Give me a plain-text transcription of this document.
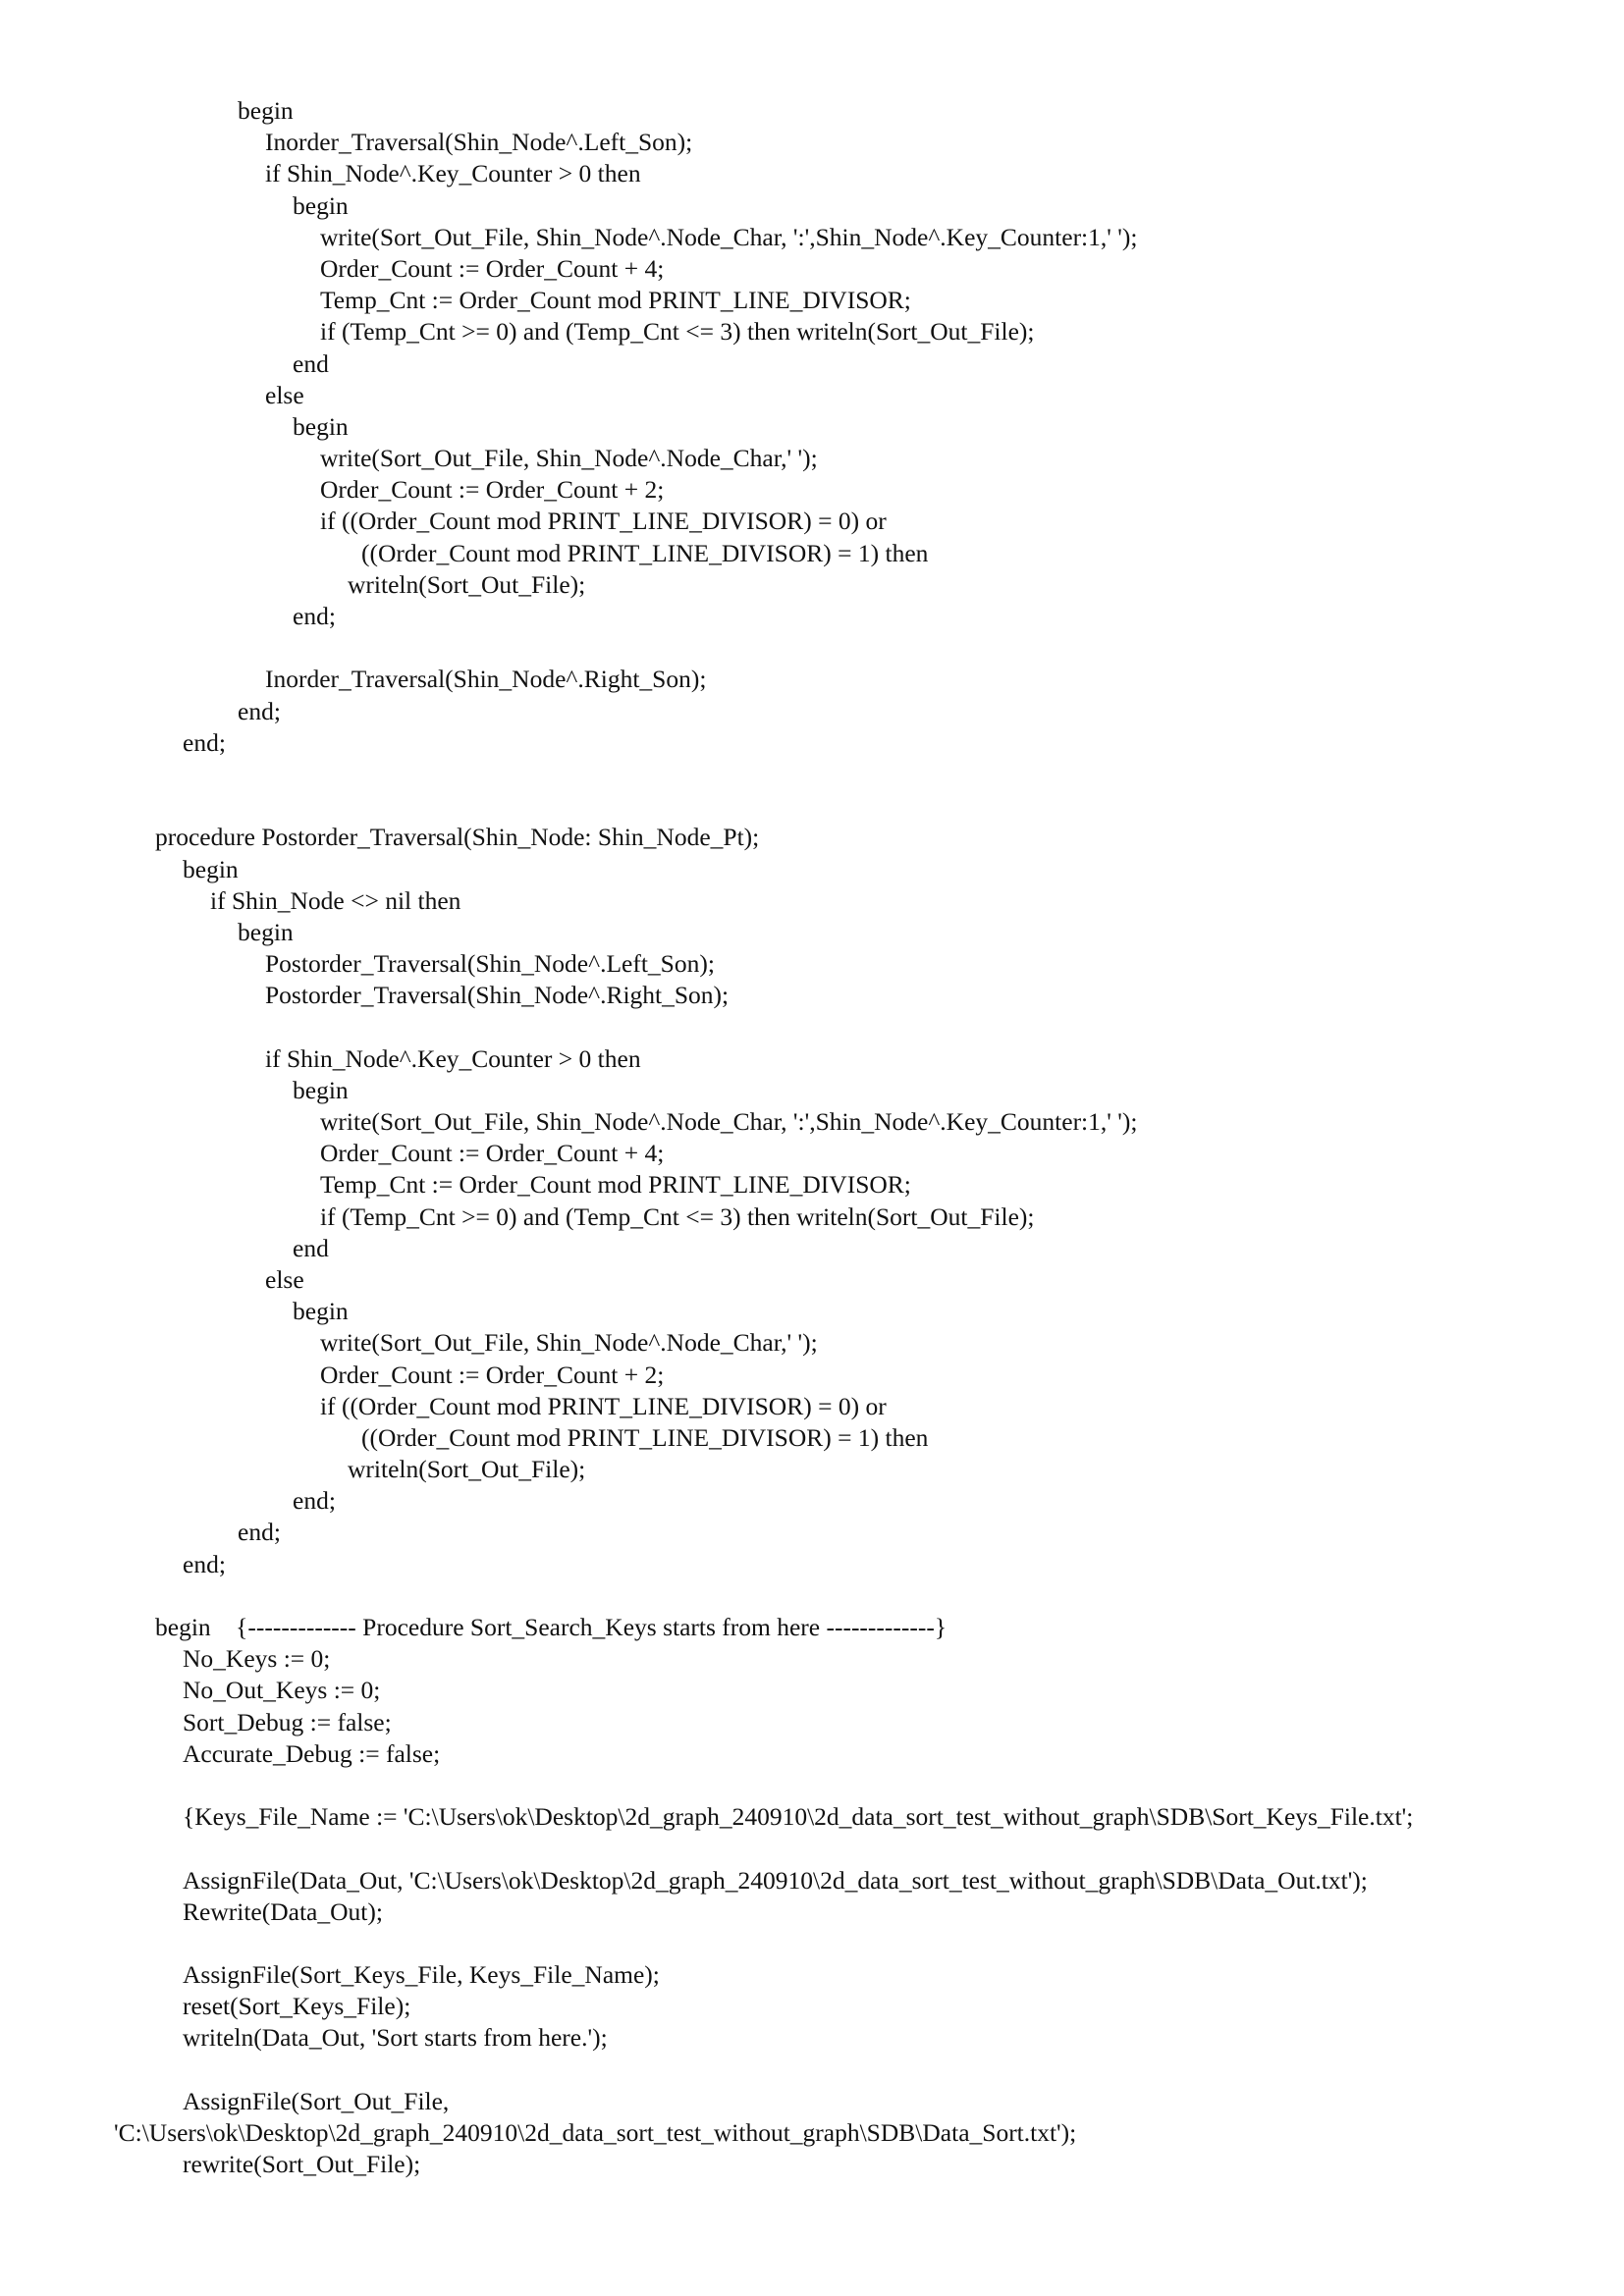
begin
Inorder_Traversal(Shin_Node^.Left_Son);
if Shin_Node^.Key_Counter > 0 then
begin
write(Sort_Out_File, Shin_Node^.Node_Char, ':',Shin_Node^.Key_Counter:1,' ');
Order_Count := Order_Count + 4;
Temp_Cnt := Order_Count mod PRINT_LINE_DIVISOR;
if (Temp_Cnt >= 0) and (Temp_Cnt <= 3) then writeln(Sort_Out_File);
end
else
begin
write(Sort_Out_File, Shin_Node^.Node_Char,' ');
Order_Count := Order_Count + 2;
if ((Order_Count mod PRINT_LINE_DIVISOR) = 0) or
((Order_Count mod PRINT_LINE_DIVISOR) = 1) then
writeln(Sort_Out_File);
end;
Inorder_Traversal(Shin_Node^.Right_Son);
end;
end;
procedure Postorder_Traversal(Shin_Node: Shin_Node_Pt);
begin
if Shin_Node <> nil then
begin
Postorder_Traversal(Shin_Node^.Left_Son);
Postorder_Traversal(Shin_Node^.Right_Son);
if Shin_Node^.Key_Counter > 0 then
begin
write(Sort_Out_File, Shin_Node^.Node_Char, ':',Shin_Node^.Key_Counter:1,' ');
Order_Count := Order_Count + 4;
Temp_Cnt := Order_Count mod PRINT_LINE_DIVISOR;
if (Temp_Cnt >= 0) and (Temp_Cnt <= 3) then writeln(Sort_Out_File);
end
else
begin
write(Sort_Out_File, Shin_Node^.Node_Char,' ');
Order_Count := Order_Count + 2;
if ((Order_Count mod PRINT_LINE_DIVISOR) = 0) or
((Order_Count mod PRINT_LINE_DIVISOR) = 1) then
writeln(Sort_Out_File);
end;
end;
end;
begin    {------------- Procedure Sort_Search_Keys starts from here -------------}
No_Keys := 0;
No_Out_Keys := 0;
Sort_Debug := false;
Accurate_Debug := false;
{Keys_File_Name := 'C:\Users\ok\Desktop\2d_graph_240910\2d_data_sort_test_without_graph\SDB\Sort_Keys_File.txt';
AssignFile(Data_Out, 'C:\Users\ok\Desktop\2d_graph_240910\2d_data_sort_test_without_graph\SDB\Data_Out.txt');
Rewrite(Data_Out);
AssignFile(Sort_Keys_File, Keys_File_Name);
reset(Sort_Keys_File);
writeln(Data_Out, 'Sort starts from here.');
AssignFile(Sort_Out_File,
'C:\Users\ok\Desktop\2d_graph_240910\2d_data_sort_test_without_graph\SDB\Data_Sort.txt');
rewrite(Sort_Out_File);
